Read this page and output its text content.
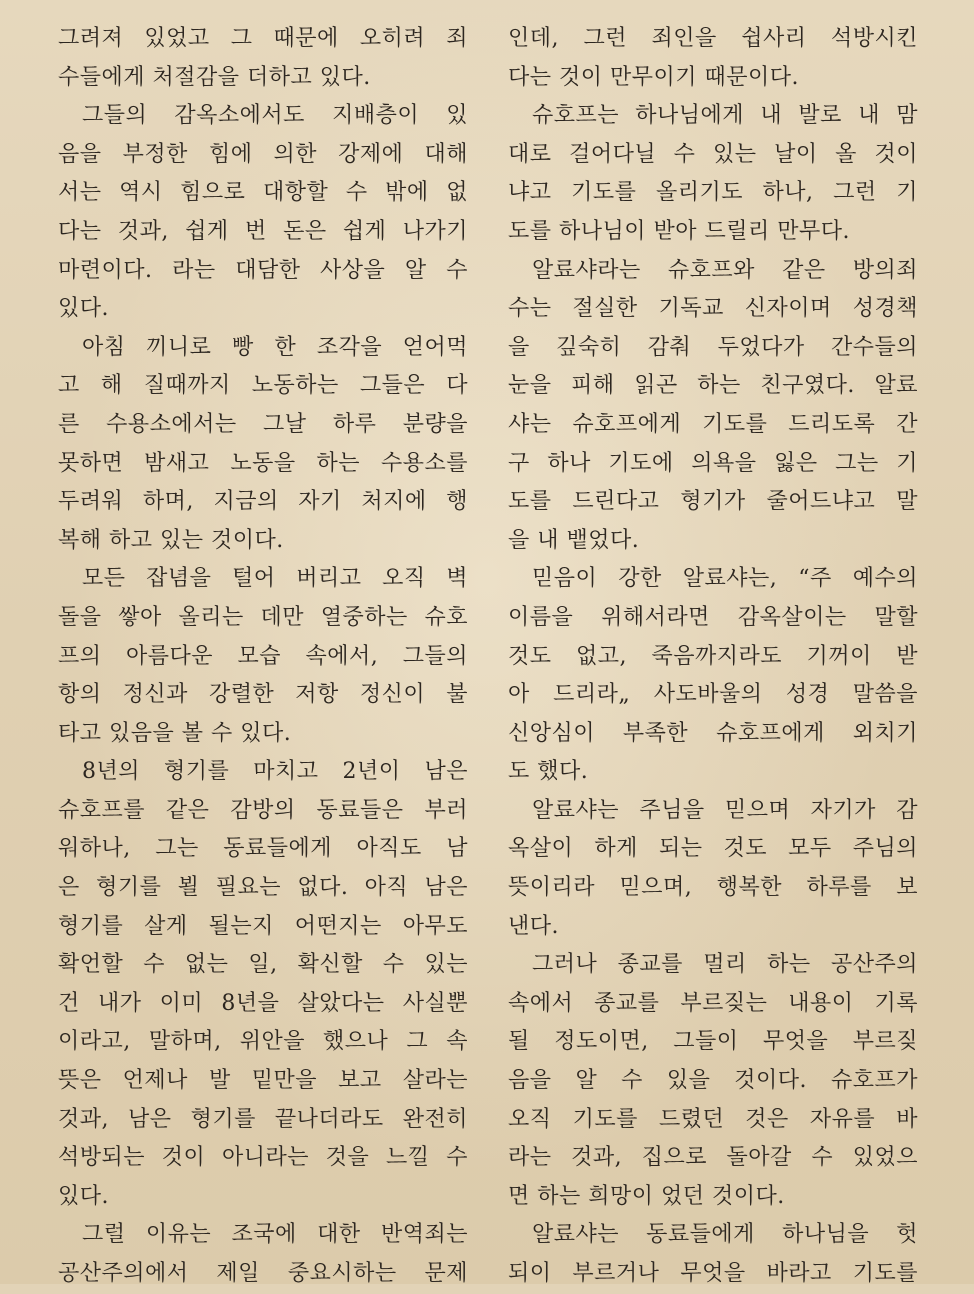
그려져 있었고 그 때문에 오히려 죄
수들에게 처절감을 더하고 있다.
그들의 감옥소에서도 지배층이 있
음을 부정한 힘에 의한 강제에 대해
서는 역시 힘으로 대항할 수 밖에 없
다는 것과, 쉽게 번 돈은 쉽게 나가기
마련이다. 라는 대담한 사상을 알 수
있다.
아침 끼니로 빵 한 조각을 얻어먹
고 해 질때까지 노동하는 그들은 다
른 수용소에서는 그날 하루 분량을
못하면 밤새고 노동을 하는 수용소를
두려워 하며, 지금의 자기 처지에 행
복해 하고 있는 것이다.
모든 잡념을 털어 버리고 오직 벽
돌을 쌓아 올리는 데만 열중하는 슈호
프의 아름다운 모습 속에서, 그들의
항의 정신과 강렬한 저항 정신이 불
타고 있음을 볼 수 있다.
8년의 형기를 마치고 2년이 남은
슈호프를 같은 감방의 동료들은 부러
워하나, 그는 동료들에게 아직도 남
은 형기를 뵐 필요는 없다. 아직 남은
형기를 살게 될는지 어떤지는 아무도
확언할 수 없는 일, 확신할 수 있는
건 내가 이미 8년을 살았다는 사실뿐
이라고, 말하며, 위안을 했으나 그 속
뜻은 언제나 발 밑만을 보고 살라는
것과, 남은 형기를 끝나더라도 완전히
석방되는 것이 아니라는 것을 느낄 수
있다.
그럴 이유는 조국에 대한 반역죄는
공산주의에서 제일 중요시하는 문제
인데, 그런 죄인을 쉽사리 석방시킨
다는 것이 만무이기 때문이다.
슈호프는 하나님에게 내 발로 내 맘
대로 걸어다닐 수 있는 날이 올 것이
냐고 기도를 올리기도 하나, 그런 기
도를 하나님이 받아 드릴리 만무다.
알료샤라는 슈호프와 같은 방의죄
수는 절실한 기독교 신자이며 성경책
을 깊숙히 감춰 두었다가 간수들의
눈을 피해 읽곤 하는 친구였다. 알료
샤는 슈호프에게 기도를 드리도록 간
구 하나 기도에 의욕을 잃은 그는 기
도를 드린다고 형기가 줄어드냐고 말
을 내 뱉었다.
믿음이 강한 알료샤는, “주 예수의
이름을 위해서라면 감옥살이는 말할
것도 없고, 죽음까지라도 기꺼이 받
아 드리라„ 사도바울의 성경 말씀을
신앙심이 부족한 슈호프에게 외치기
도 했다.
알료샤는 주님을 믿으며 자기가 감
옥살이 하게 되는 것도 모두 주님의
뜻이리라 믿으며, 행복한 하루를 보
낸다.
그러나 종교를 멀리 하는 공산주의
속에서 종교를 부르짖는 내용이 기록
될 정도이면, 그들이 무엇을 부르짖
음을 알 수 있을 것이다. 슈호프가
오직 기도를 드렸던 것은 자유를 바
라는 것과, 집으로 돌아갈 수 있었으
면 하는 희망이 었던 것이다.
알료샤는 동료들에게 하나님을 헛
되이 부르거나 무엇을 바라고 기도를
